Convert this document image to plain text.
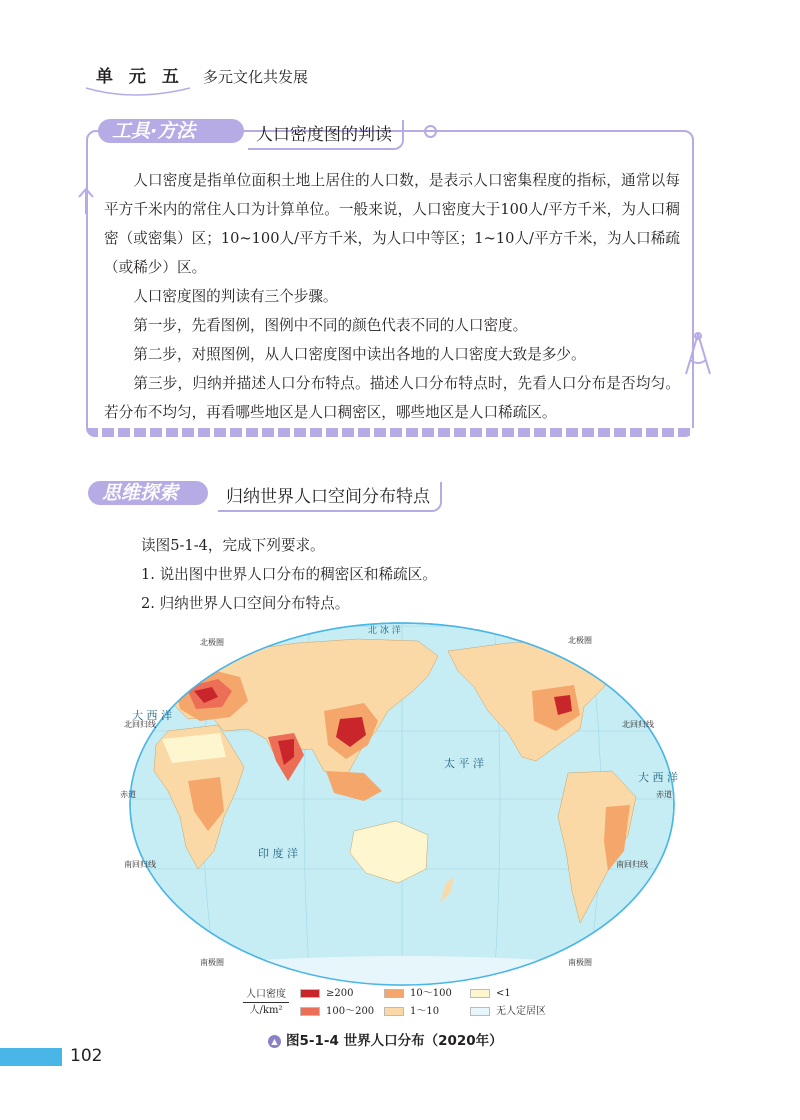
单 元 五 多元文化共发展
工具·方法	人口密度图的判读

人口密度是指单位面积土地上居住的人口数，是表示人口密集程度的指标，通常以每平方千米内的常住人口为计算单位。一般来说，人口密度大于100人/平方千米，为人口稠密（或密集）区；10~100人/平方千米，为人口中等区；1~10人/平方千米，为人口稀疏（或稀少）区。

人口密度图的判读有三个步骤。

第一步，先看图例，图例中不同的颜色代表不同的人口密度。

第二步，对照图例，从人口密度图中读出各地的人口密度大致是多少。

第三步，归纳并描述人口分布特点。描述人口分布特点时，先看人口分布是否均匀。若分布不均匀，再看哪些地区是人口稠密区，哪些地区是人口稀疏区。

思维探索	归纳世界人口空间分布特点

读图5-1-4，完成下列要求。

1. 说出图中世界人口分布的稠密区和稀疏区。

2. 归纳世界人口空间分布特点。

北 冰 洋
太 平 洋
印 度 洋
大 西 洋
大 西 洋
北极圈	北极圈
北回归线	北回归线
赤道	赤道
南回归线	南回归线
南极圈	南极圈
人口密度
人/km²
≥200
100～200
10～100
1～10
<1
无人定居区
▲ 图5-1-4 世界人口分布（2020年）
102
